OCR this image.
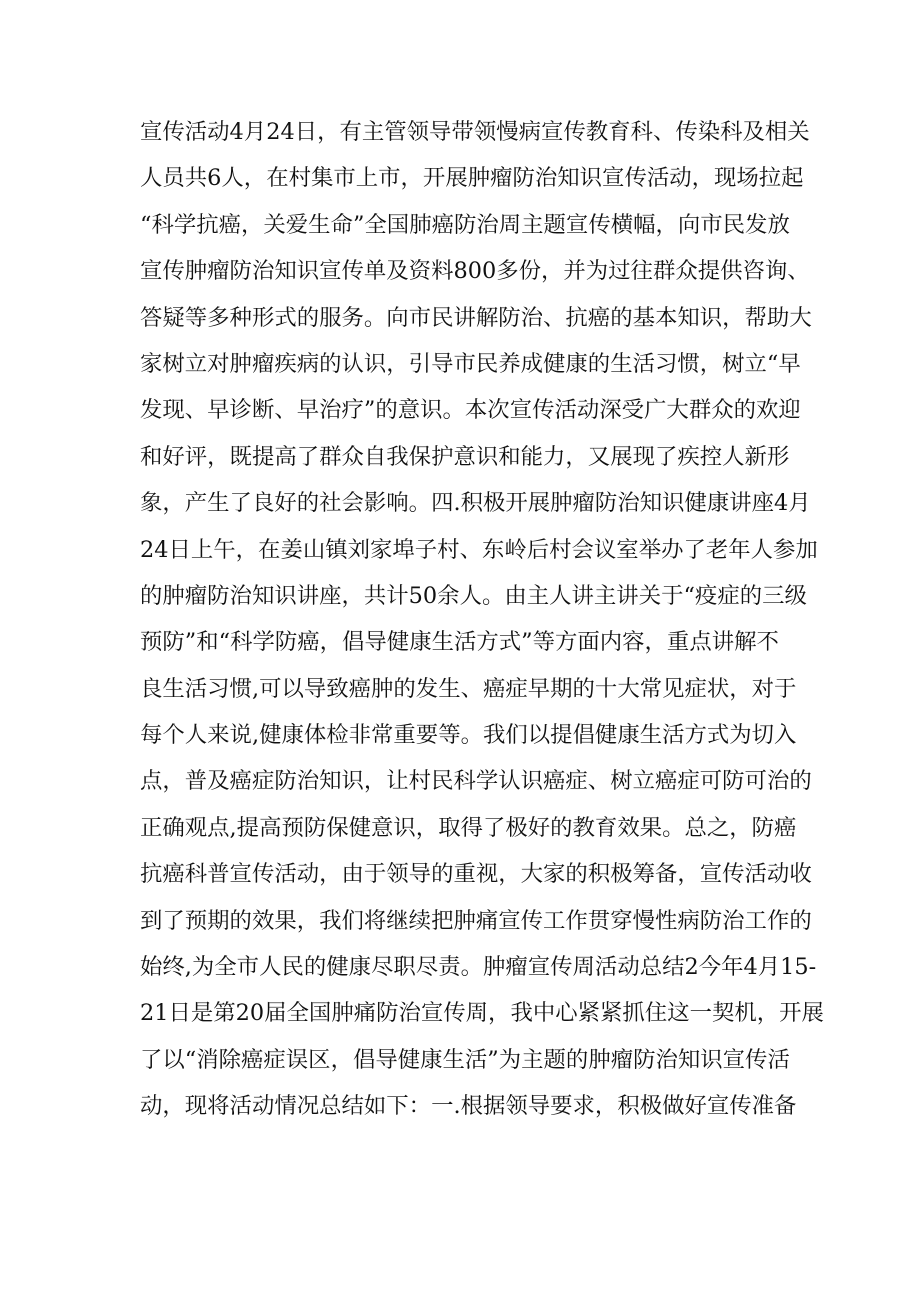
宣传活动4月24日，有主管领导带领慢病宣传教育科、传染科及相关
人员共6人，在村集市上市，开展肿瘤防治知识宣传活动，现场拉起
“科学抗癌，关爱生命”全国肺癌防治周主题宣传横幅，向市民发放
宣传肿瘤防治知识宣传单及资料800多份，并为过往群众提供咨询、
答疑等多种形式的服务。向市民讲解防治、抗癌的基本知识，帮助大
家树立对肿瘤疾病的认识，引导市民养成健康的生活习惯，树立“早
发现、早诊断、早治疗”的意识。本次宣传活动深受广大群众的欢迎
和好评，既提高了群众自我保护意识和能力，又展现了疾控人新形
象，产生了良好的社会影响。四.积极开展肿瘤防治知识健康讲座4月
24日上午，在姜山镇刘家埠子村、东岭后村会议室举办了老年人参加
的肿瘤防治知识讲座，共计50余人。由主人讲主讲关于“疫症的三级
预防”和“科学防癌，倡导健康生活方式”等方面内容，重点讲解不
良生活习惯,可以导致癌肿的发生、癌症早期的十大常见症状，对于
每个人来说,健康体检非常重要等。我们以提倡健康生活方式为切入
点，普及癌症防治知识，让村民科学认识癌症、树立癌症可防可治的
正确观点,提高预防保健意识，取得了极好的教育效果。总之，防癌
抗癌科普宣传活动，由于领导的重视，大家的积极筹备，宣传活动收
到了预期的效果，我们将继续把肿痛宣传工作贯穿慢性病防治工作的
始终,为全市人民的健康尽职尽责。肿瘤宣传周活动总结2今年4月15-
21日是第20届全国肿痛防治宣传周，我中心紧紧抓住这一契机，开展
了以“消除癌症误区，倡导健康生活”为主题的肿瘤防治知识宣传活
动，现将活动情况总结如下：一.根据领导要求，积极做好宣传准备
